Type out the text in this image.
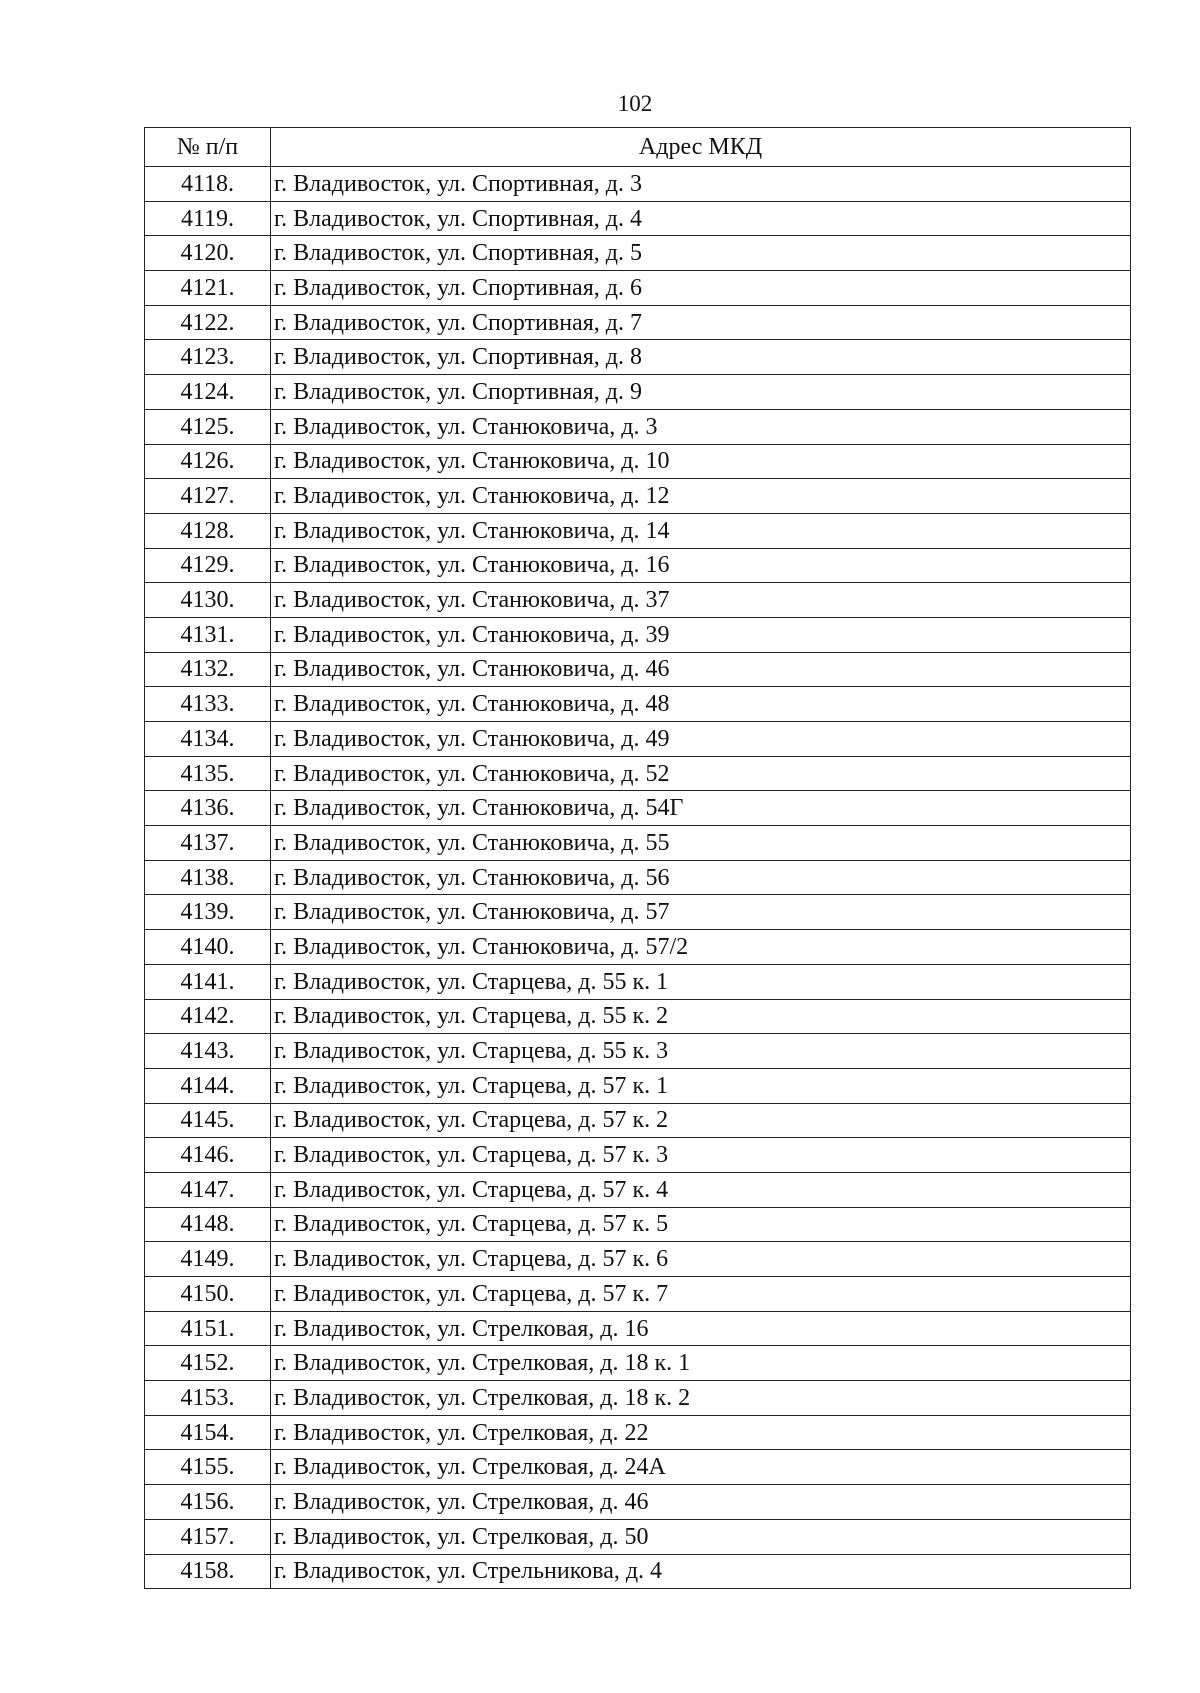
102
№ п/п	Адрес МКД
4118.	г. Владивосток, ул. Спортивная, д. 3
4119.	г. Владивосток, ул. Спортивная, д. 4
4120.	г. Владивосток, ул. Спортивная, д. 5
4121.	г. Владивосток, ул. Спортивная, д. 6
4122.	г. Владивосток, ул. Спортивная, д. 7
4123.	г. Владивосток, ул. Спортивная, д. 8
4124.	г. Владивосток, ул. Спортивная, д. 9
4125.	г. Владивосток, ул. Станюковича, д. 3
4126.	г. Владивосток, ул. Станюковича, д. 10
4127.	г. Владивосток, ул. Станюковича, д. 12
4128.	г. Владивосток, ул. Станюковича, д. 14
4129.	г. Владивосток, ул. Станюковича, д. 16
4130.	г. Владивосток, ул. Станюковича, д. 37
4131.	г. Владивосток, ул. Станюковича, д. 39
4132.	г. Владивосток, ул. Станюковича, д. 46
4133.	г. Владивосток, ул. Станюковича, д. 48
4134.	г. Владивосток, ул. Станюковича, д. 49
4135.	г. Владивосток, ул. Станюковича, д. 52
4136.	г. Владивосток, ул. Станюковича, д. 54Г
4137.	г. Владивосток, ул. Станюковича, д. 55
4138.	г. Владивосток, ул. Станюковича, д. 56
4139.	г. Владивосток, ул. Станюковича, д. 57
4140.	г. Владивосток, ул. Станюковича, д. 57/2
4141.	г. Владивосток, ул. Старцева, д. 55 к. 1
4142.	г. Владивосток, ул. Старцева, д. 55 к. 2
4143.	г. Владивосток, ул. Старцева, д. 55 к. 3
4144.	г. Владивосток, ул. Старцева, д. 57 к. 1
4145.	г. Владивосток, ул. Старцева, д. 57 к. 2
4146.	г. Владивосток, ул. Старцева, д. 57 к. 3
4147.	г. Владивосток, ул. Старцева, д. 57 к. 4
4148.	г. Владивосток, ул. Старцева, д. 57 к. 5
4149.	г. Владивосток, ул. Старцева, д. 57 к. 6
4150.	г. Владивосток, ул. Старцева, д. 57 к. 7
4151.	г. Владивосток, ул. Стрелковая, д. 16
4152.	г. Владивосток, ул. Стрелковая, д. 18 к. 1
4153.	г. Владивосток, ул. Стрелковая, д. 18 к. 2
4154.	г. Владивосток, ул. Стрелковая, д. 22
4155.	г. Владивосток, ул. Стрелковая, д. 24А
4156.	г. Владивосток, ул. Стрелковая, д. 46
4157.	г. Владивосток, ул. Стрелковая, д. 50
4158.	г. Владивосток, ул. Стрельникова, д. 4
